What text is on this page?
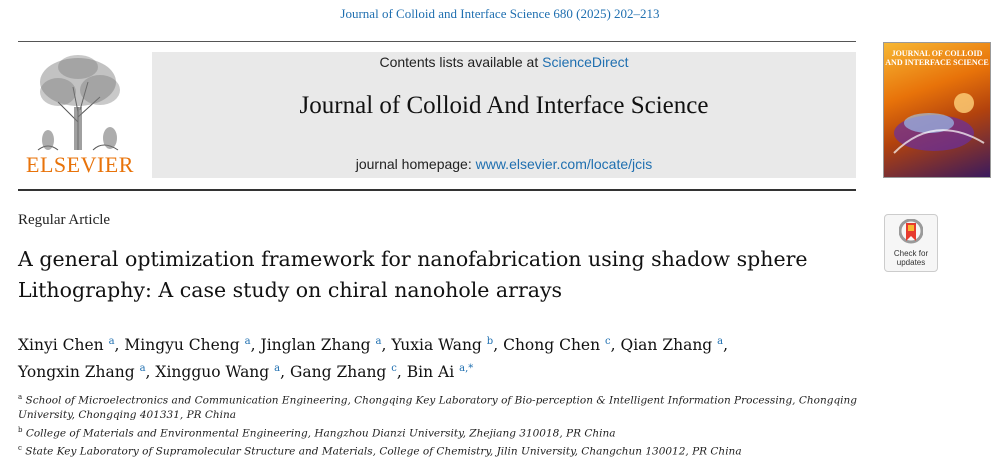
Journal of Colloid and Interface Science 680 (2025) 202–213
ELSEVIER
Contents lists available at ScienceDirect
Journal of Colloid And Interface Science
journal homepage: www.elsevier.com/locate/jcis
JOURNAL OF COLLOID AND INTERFACE SCIENCE
Regular Article
Check for
updates
A general optimization framework for nanofabrication using shadow sphere
Lithography: A case study on chiral nanohole arrays
Xinyi Chen $^a$, Mingyu Cheng $^a$, Jinglan Zhang $^a$, Yuxia Wang $^b$, Chong Chen $^c$, Qian Zhang $^a$,
Yongxin Zhang $^a$, Xingguo Wang $^a$, Gang Zhang $^c$, Bin Ai $^{a,*}$
$^a$ School of Microelectronics and Communication Engineering, Chongqing Key Laboratory of Bio-perception & Intelligent Information Processing, Chongqing University, Chongqing 401331, PR China
$^b$ College of Materials and Environmental Engineering, Hangzhou Dianzi University, Zhejiang 310018, PR China
$^c$ State Key Laboratory of Supramolecular Structure and Materials, College of Chemistry, Jilin University, Changchun 130012, PR China
